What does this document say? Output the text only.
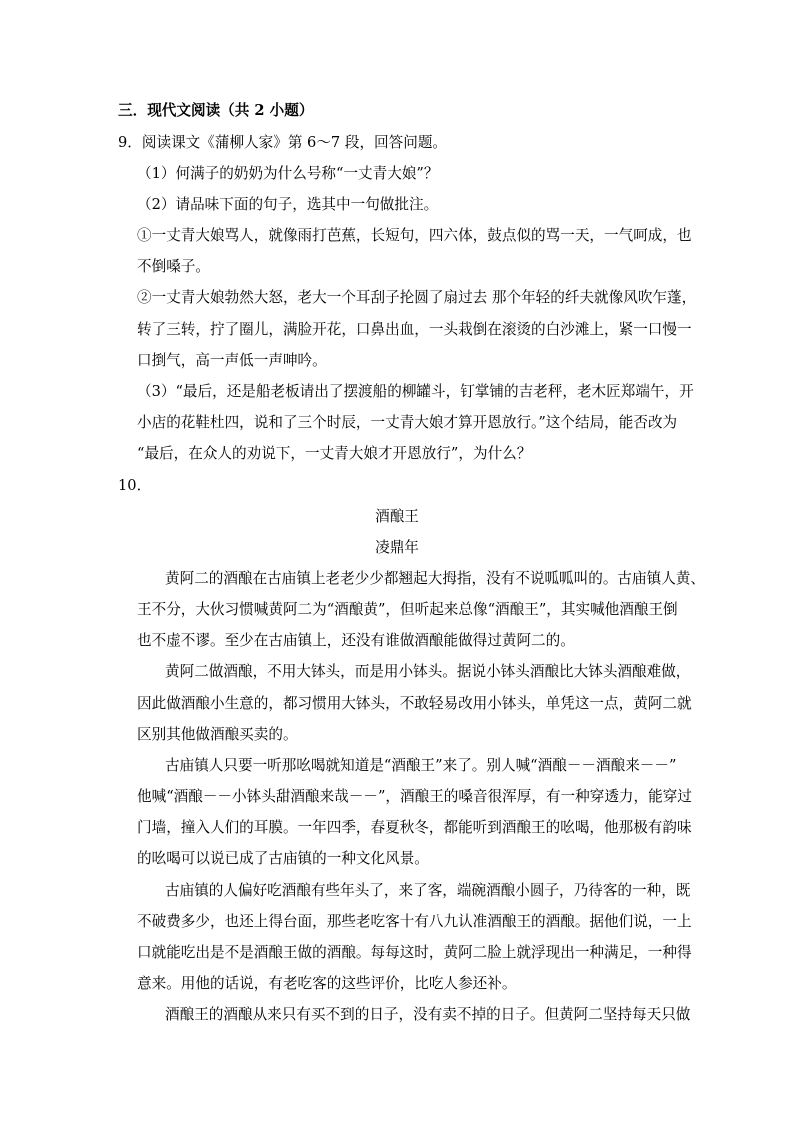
三．现代文阅读（共 2 小题）
9．阅读课文《蒲柳人家》第 6～7 段，回答问题。
（1）何满子的奶奶为什么号称“一丈青大娘”？
（2）请品味下面的句子，选其中一句做批注。
①一丈青大娘骂人，就像雨打芭蕉，长短句，四六体，鼓点似的骂一天，一气呵成，也
不倒嗓子。
②一丈青大娘勃然大怒，老大一个耳刮子抡圆了扇过去 那个年轻的纤夫就像风吹乍蓬，
转了三转，拧了圈儿，满脸开花，口鼻出血，一头栽倒在滚烫的白沙滩上，紧一口慢一
口捯气，高一声低一声呻吟。
（3）“最后，还是船老板请出了摆渡船的柳罐斗，钉掌铺的吉老秤，老木匠郑端午，开
小店的花鞋杜四，说和了三个时辰，一丈青大娘才算开恩放行。”这个结局，能否改为
“最后，在众人的劝说下，一丈青大娘才开恩放行”，为什么？
10．
酒酿王
凌鼎年
黄阿二的酒酿在古庙镇上老老少少都翘起大拇指，没有不说呱呱叫的。古庙镇人黄、
王不分，大伙习惯喊黄阿二为“酒酿黄”，但听起来总像“酒酿王”，其实喊他酒酿王倒
也不虚不谬。至少在古庙镇上，还没有谁做酒酿能做得过黄阿二的。
黄阿二做酒酿，不用大钵头，而是用小钵头。据说小钵头酒酿比大钵头酒酿难做，
因此做酒酿小生意的，都习惯用大钵头，不敢轻易改用小钵头，单凭这一点，黄阿二就
区别其他做酒酿买卖的。
古庙镇人只要一听那吆喝就知道是“酒酿王”来了。别人喊“酒酿－－酒酿来－－”
他喊“酒酿－－小钵头甜酒酿来哉－－”，酒酿王的嗓音很浑厚，有一种穿透力，能穿过
门墙，撞入人们的耳膜。一年四季，春夏秋冬，都能听到酒酿王的吆喝，他那极有韵味
的吆喝可以说已成了古庙镇的一种文化风景。
古庙镇的人偏好吃酒酿有些年头了，来了客，端碗酒酿小圆子，乃待客的一种，既
不破费多少，也还上得台面，那些老吃客十有八九认准酒酿王的酒酿。据他们说，一上
口就能吃出是不是酒酿王做的酒酿。每每这时，黄阿二脸上就浮现出一种满足，一种得
意来。用他的话说，有老吃客的这些评价，比吃人参还补。
酒酿王的酒酿从来只有买不到的日子，没有卖不掉的日子。但黄阿二坚持每天只做
